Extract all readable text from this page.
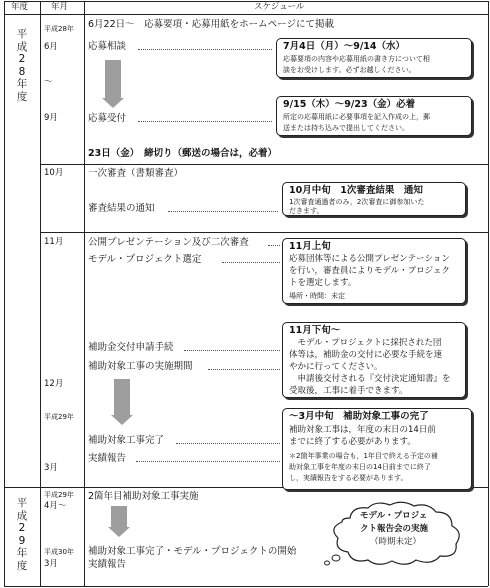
年度	年月	スケジュール
平
成
2
8
年
度
平
成
2
9
年
度
平成28年
6月
～
9月
10月
11月
12月
平成29年
3月
平成29年
4月～
平成30年
3月
6月22日～　応募要項・応募用紙をホームページにて掲載
応募相談
応募受付
23日（金）　締切り（郵送の場合は，必着）
一次審査（書類審査）
審査結果の通知
公開プレゼンテーション及び二次審査
モデル・プロジェクト選定
補助金交付申請手続
補助対象工事の実施期間
補助対象工事完了
実績報告
2箇年目補助対象工事実施
補助対象工事完了・モデル・プロジェクトの開始
実績報告
7月4日（月）～9/14（水）
応募要項の内容や応募用紙の書き方について相
談をお受けします。必ずお越しください。
9/15（木）～9/23（金）必着
所定の応募用紙に必要事項を記入作成の上，郵
送または持ち込みで提出してください。
10月中旬　1次審査結果　通知
1次審査通過者のみ，2次審査に御参加いた
だきます。
11月上旬
応募団体等による公開プレゼンテーション
を行い，審査員によりモデル・プロジェク
トを選定します。
場所・時間：未定
11月下旬～
　モデル・プロジェクトに採択された団
体等は，補助金の交付に必要な手続を速
やかに行ってください。
　申請後交付される『交付決定通知書』を
受取後，工事に着手できます。
～3月中旬　補助対象工事の完了
補助対象工事は，年度の末日の14日前
までに終了する必要があります。
＊2箇年事業の場合も，1年目で終える予定の補
助対象工事を年度の末日の14日前までに終了
し，実績報告をする必要があります。
モデル・プロジェ
クト報告会の実施
（時期未定）
